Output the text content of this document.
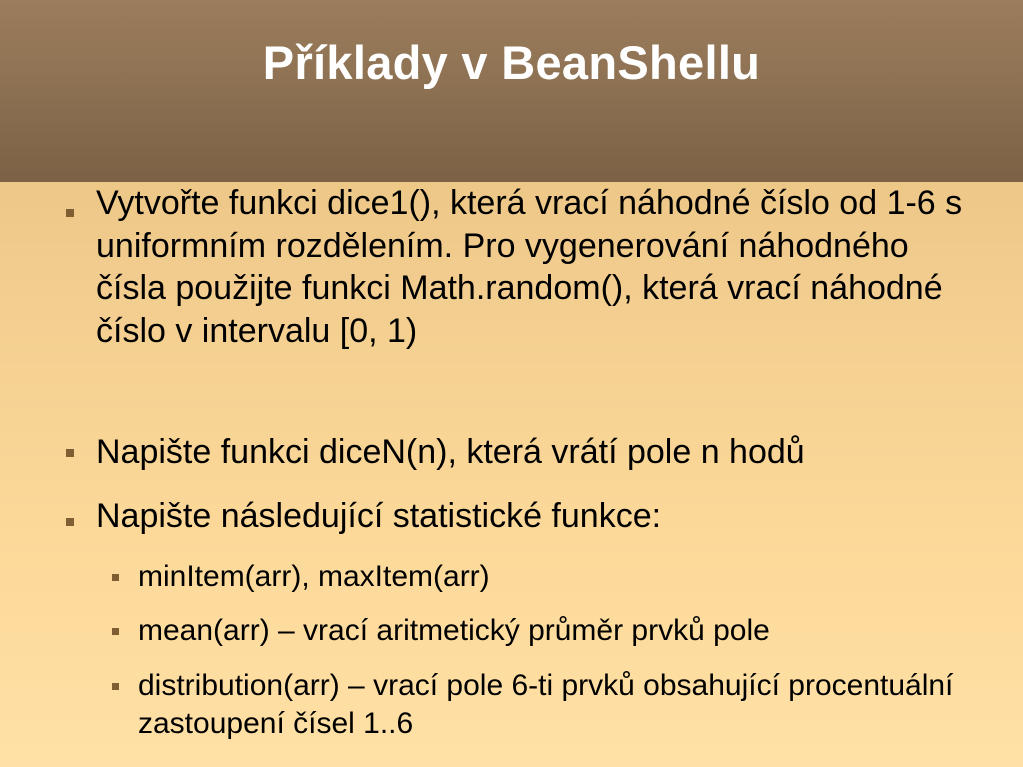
Příklady v BeanShellu
Vytvořte funkci dice1(), která vrací náhodné číslo od 1-6 s uniformním rozdělením. Pro vygenerování náhodného čísla použijte funkci Math.random(), která vrací náhodné číslo v intervalu [0, 1)
Napište funkci diceN(n), která vrátí pole n hodů
Napište následující statistické funkce:
minItem(arr), maxItem(arr)
mean(arr) – vrací aritmetický průměr prvků pole
distribution(arr) – vrací pole 6-ti prvků obsahující procentuální zastoupení čísel 1..6
